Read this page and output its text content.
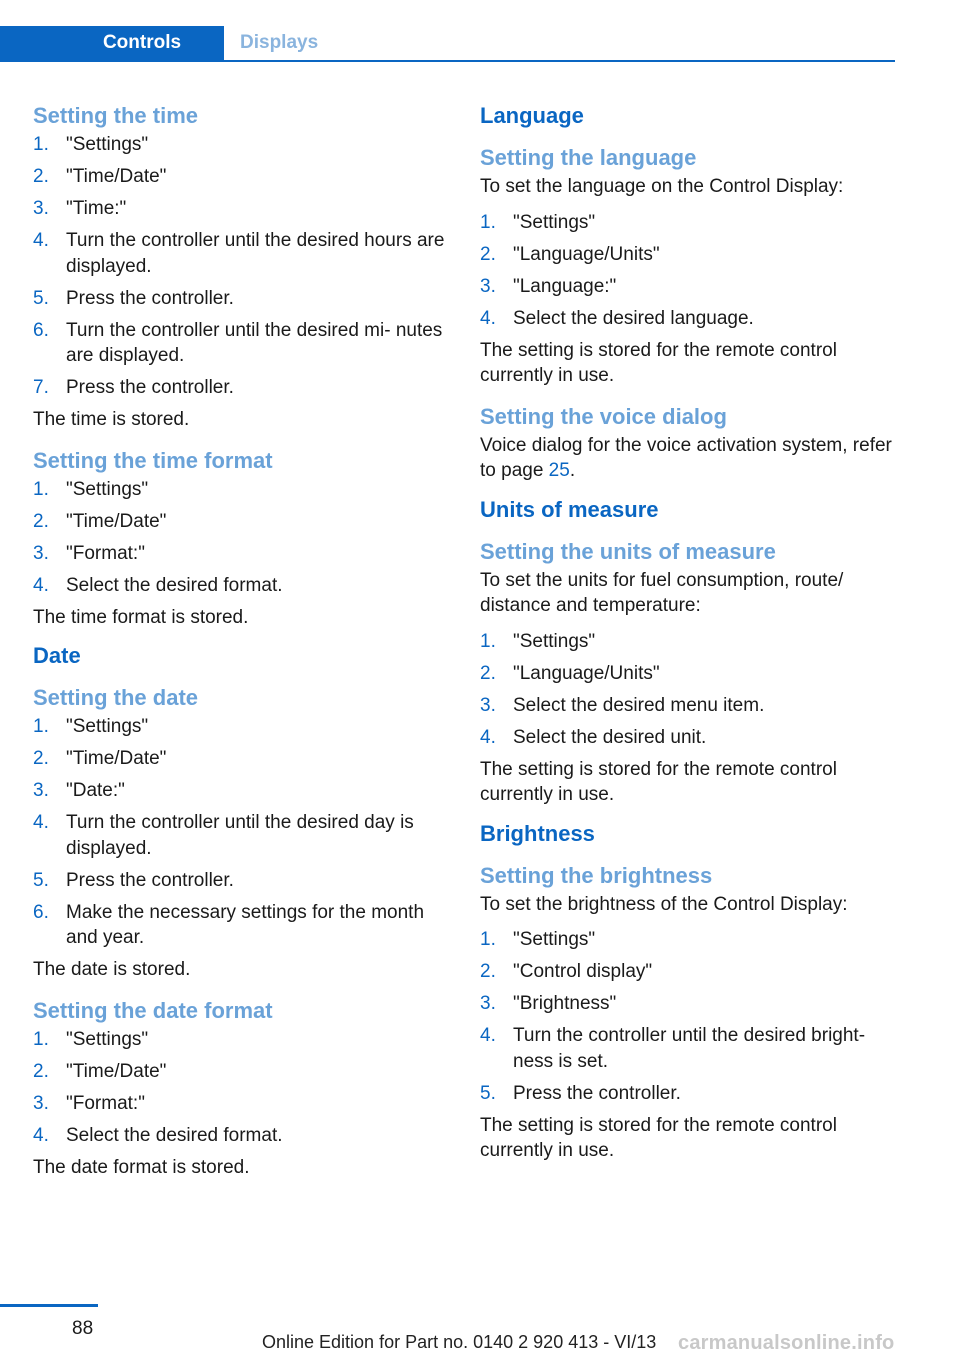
Controls	Displays
Setting the time
1. "Settings"
2. "Time/Date"
3. "Time:"
4. Turn the controller until the desired hours are displayed.
5. Press the controller.
6. Turn the controller until the desired mi‐ nutes are displayed.
7. Press the controller.
The time is stored.
Setting the time format
1. "Settings"
2. "Time/Date"
3. "Format:"
4. Select the desired format.
The time format is stored.
Date
Setting the date
1. "Settings"
2. "Time/Date"
3. "Date:"
4. Turn the controller until the desired day is displayed.
5. Press the controller.
6. Make the necessary settings for the month and year.
The date is stored.
Setting the date format
1. "Settings"
2. "Time/Date"
3. "Format:"
4. Select the desired format.
The date format is stored.
Language
Setting the language
To set the language on the Control Display:
1. "Settings"
2. "Language/Units"
3. "Language:"
4. Select the desired language.
The setting is stored for the remote control currently in use.
Setting the voice dialog
Voice dialog for the voice activation system, refer to page 25.
Units of measure
Setting the units of measure
To set the units for fuel consumption, route/ distance and temperature:
1. "Settings"
2. "Language/Units"
3. Select the desired menu item.
4. Select the desired unit.
The setting is stored for the remote control currently in use.
Brightness
Setting the brightness
To set the brightness of the Control Display:
1. "Settings"
2. "Control display"
3. "Brightness"
4. Turn the controller until the desired bright‐ ness is set.
5. Press the controller.
The setting is stored for the remote control currently in use.
88
Online Edition for Part no. 0140 2 920 413 - VI/13 carmanualsonline.info
